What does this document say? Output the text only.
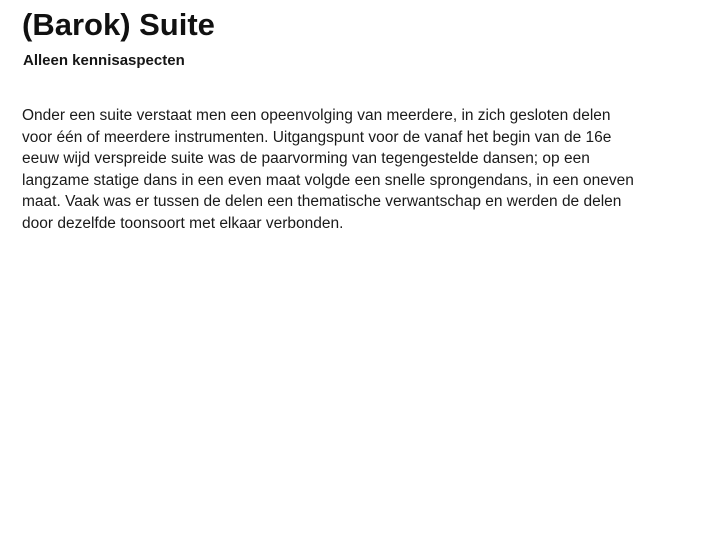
(Barok) Suite
Alleen kennisaspecten
Onder een suite verstaat men een opeenvolging van meerdere, in zich gesloten delen
voor één of meerdere instrumenten. Uitgangspunt voor de vanaf het begin van de 16e
eeuw wijd verspreide suite was de paarvorming van tegengestelde dansen; op een
langzame statige dans in een even maat volgde een snelle sprongendans, in een oneven
maat. Vaak was er tussen de delen een thematische verwantschap en werden de delen
door dezelfde toonsoort met elkaar verbonden.
